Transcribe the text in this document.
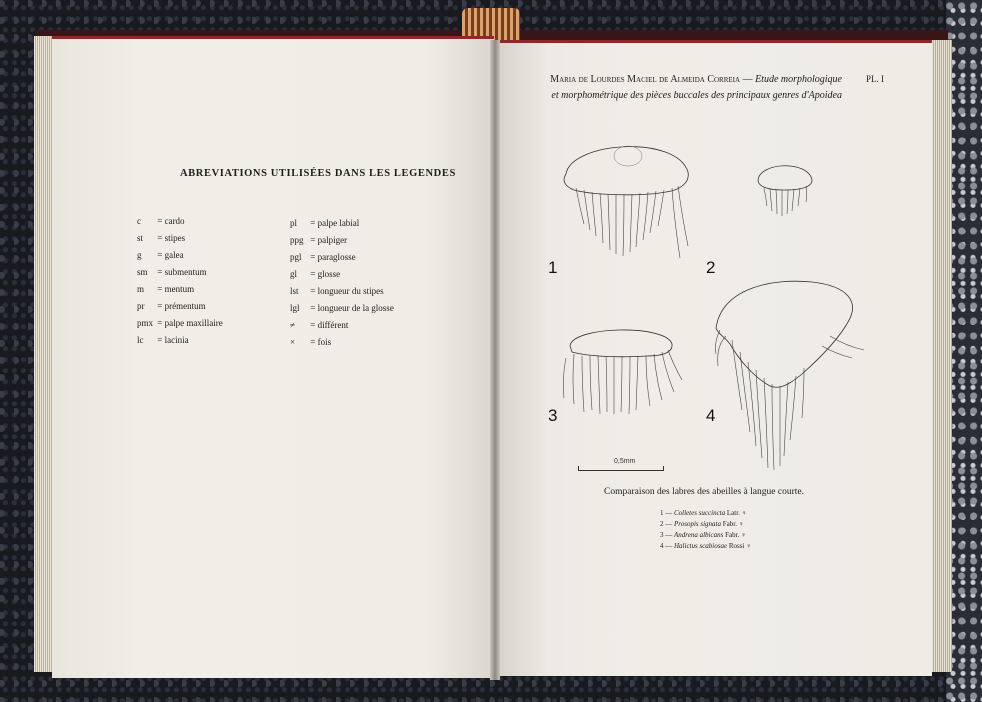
ABREVIATIONS UTILISÉES DANS LES LEGENDES
c = cardo
st = stipes
g = galea
sm = submentum
m = mentum
pr = prémentum
pmx = palpe maxillaire
lc = lacinia
pl = palpe labial
ppg = palpiger
pgl = paraglosse
gl = glosse
lst = longueur du stipes
lgl = longueur de la glosse
≠ = différent
× = fois
Maria de Lourdes Maciel de Almeida Correia — Etude morphologique
et morphométrique des pièces buccales des principaux genres d'Apoidea
PL. I
1	2
3	4
0,5mm
Comparaison des labres des abeilles à langue courte.
1 — Colletes succincta Latr. ♀
2 — Prosopis signata Fabr. ♀
3 — Andrena albicans Fabr. ♀
4 — Halictus scabiosae Rossi ♀
